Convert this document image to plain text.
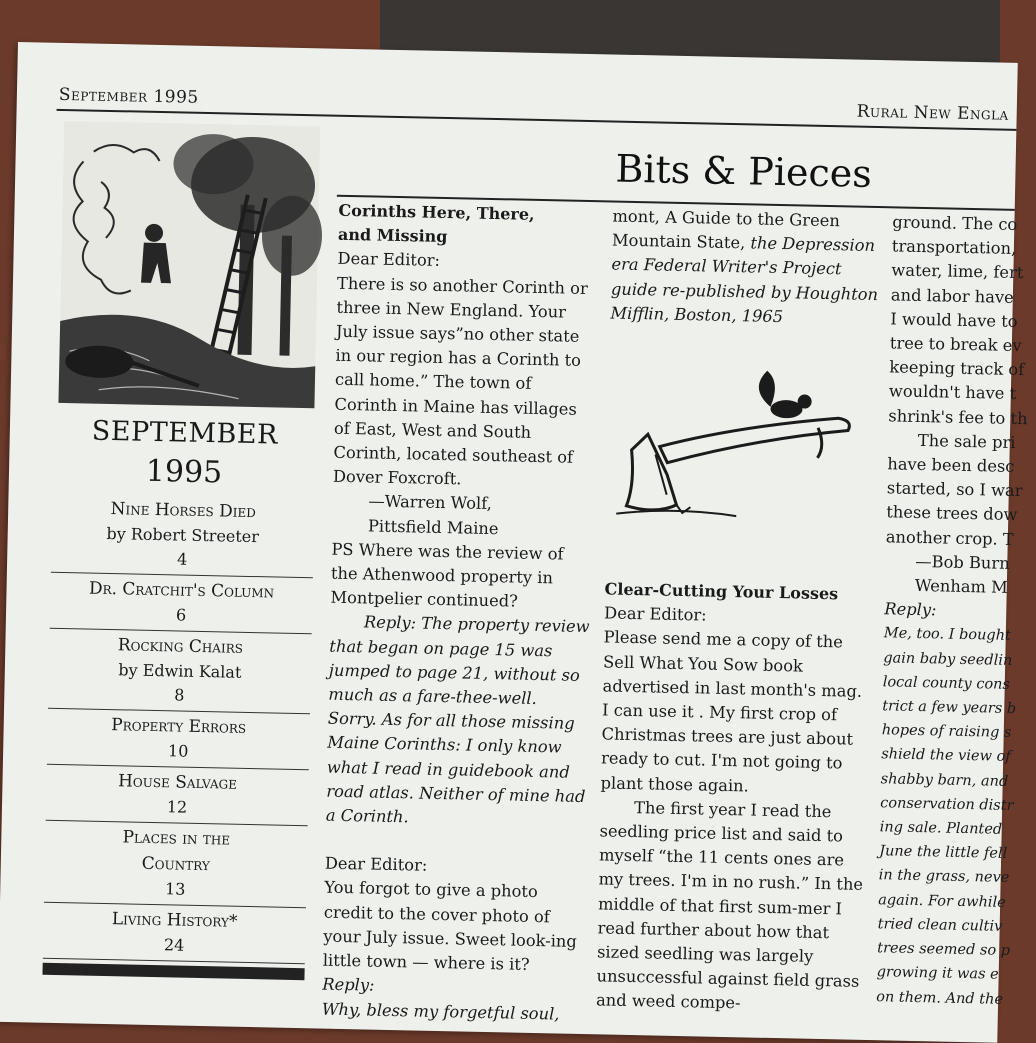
September 1995
Rural New Engla
Bits & Pieces
SEPTEMBER
1995
Nine Horses Died
by Robert Streeter
4
Dr. Cratchit's Column
6
Rocking Chairs
by Edwin Kalat
8
Property Errors
10
House Salvage
12
Places in the
Country
13
Living History*
24

Corinths Here, There,

and Missing

Dear Editor:

There is so another Corinth or three in New England. Your July issue says”no other state in our region has a Corinth to call home.” The town of Corinth in Maine has villages of East, West and South Corinth, located southeast of Dover Foxcroft.

—Warren Wolf,

Pittsfield Maine

PS Where was the review of the Athenwood property in Montpelier continued?

Reply: The property review that began on page 15 was jumped to page 21, without so much as a fare-thee-well. Sorry. As for all those missing Maine Corinths: I only know what I read in guidebook and road atlas. Neither of mine had a Corinth.

Dear Editor:

You forgot to give a photo credit to the cover photo of your July issue. Sweet look-ing little town — where is it?

Reply:

Why, bless my forgetful soul,

mont, A Guide to the Green Mountain State, the Depression era Federal Writer's Project guide re-published by Houghton Mifflin, Boston, 1965

Clear-Cutting Your Losses

Dear Editor:

Please send me a copy of the Sell What You Sow book advertised in last month's mag. I can use it . My first crop of Christmas trees are just about ready to cut. I'm not going to plant those again.

The first year I read the seedling price list and said to myself “the 11 cents ones are my trees. I'm in no rush.” In the middle of that first sum-mer I read further about how that sized seedling was largely unsuccessful against field grass and weed compe-

ground. The co

transportation,

water, lime, fert

and labor have

I would have to

tree to break ev

keeping track of

wouldn't have t

shrink's fee to th

The sale pri

have been desc

started, so I war

these trees dow

another crop. T

—Bob Burn

Wenham M

Reply:

Me, too. I bought

gain baby seedlin

local county cons

trict a few years b

hopes of raising s

shield the view of

shabby barn, and

conservation distr

ing sale. Planted

June the little fell

in the grass, neve

again. For awhile

tried clean cultiv

trees seemed so p

growing it was e

on them. And the
